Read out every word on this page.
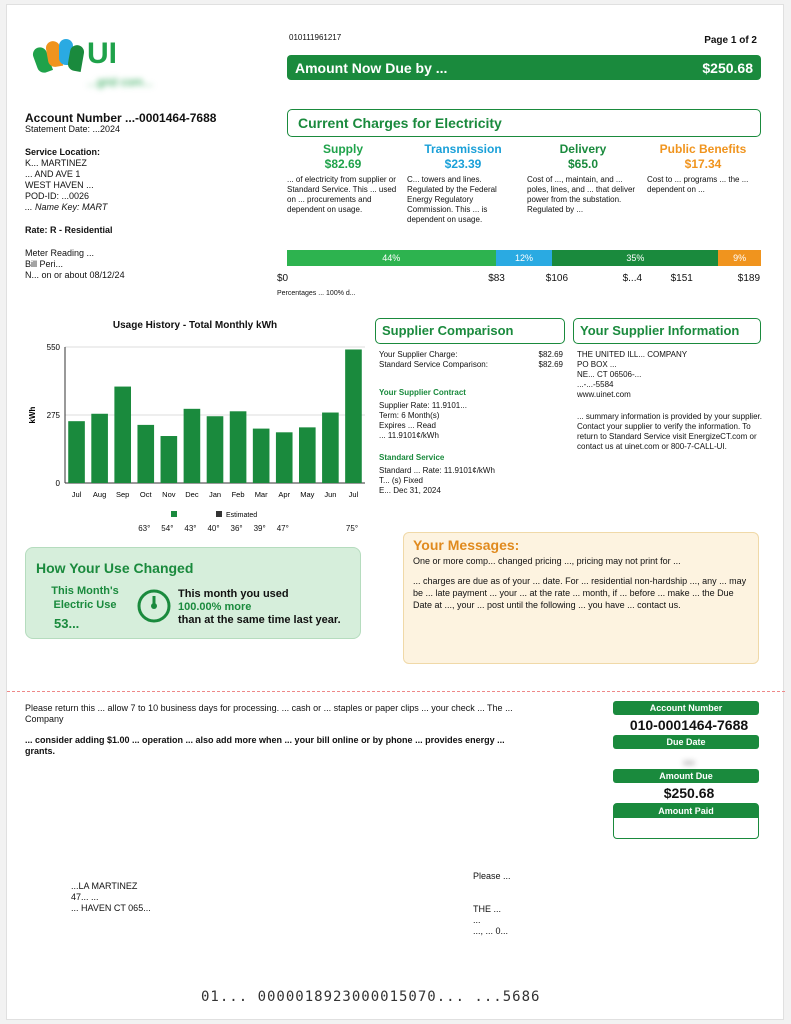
UI
...grid com...
010111961217	Page 1 of 2
Amount Now Due by ...	$250.68
Account Number ...-0001464-7688
Statement Date: ...2024
Service Location:
K... MARTINEZ
... AND AVE 1
WEST HAVEN ...
POD-ID: ...0026
... Name Key: MART
Rate: R - Residential
Meter Reading ...
Bill Peri...
N... on or about 08/12/24
Current Charges for Electricity
Supply
$82.69
... of electricity from supplier or Standard Service. This ... used on ... procurements and dependent on usage.
Transmission
$23.39
C... towers and lines. Regulated by the Federal Energy Regulatory Commission. This ... is dependent on usage.
Delivery
$65.0
Cost of ..., maintain, and ... poles, lines, and ... that deliver power from the substation. Regulated by ...
Public Benefits
$17.34
Cost to ... programs ... the ... dependent on ...
44%	12%	35%	9%
$0	$83	$106	$...4	$151	$189
Percentages ... 100% d...
Usage History - Total Monthly kWh
0
275
550
kWh
Jul Aug Sep Oct Nov Dec Jan Feb Mar Apr May Jun Jul
Estimated
63° 54° 43° 40° 36° 39° 47°	75°
How Your Use Changed
This Month's Electric Use
53...
This month you used
100.00% more
than at the same time last year.
Supplier Comparison	Your Supplier Information
Your Supplier Charge:	$82.69
Standard Service Comparison:	$82.69
Your Supplier Contract
Supplier Rate: 11.9101...
Term: 6 Month(s)
Expires ... Read
... 11.9101¢/kWh
Standard Service
Standard ... Rate: 11.9101¢/kWh
T... (s) Fixed
E... Dec 31, 2024
THE UNITED ILL... COMPANY
PO BOX ...
NE... CT 06506-...
...-...-5584
www.uinet.com
... summary information is provided by your supplier. Contact your supplier to verify the information. To return to Standard Service visit EnergizeCT.com or contact us at uinet.com or 800-7-CALL-UI.
Your Messages:
One or more comp... changed pricing ..., pricing may not print for ...
... charges are due as of your ... date. For ... residential non-hardship ..., any ... may be ... late payment ... your ... at the rate ... month, if ... before ... make ... the Due Date at ..., your ... post until the following ... you have ... contact us.
Please return this ... allow 7 to 10 business days for processing. ... cash or ... staples or paper clips ... your check ... The ... Company
... consider adding $1.00 ... operation ... also add more when ... your bill online or by phone ... provides energy ... grants.
Account Number
010-0001464-7688
Due Date
...
Amount Due
$250.68
Amount Paid
...LA MARTINEZ
47... ...
... HAVEN CT 065...
Please ...
THE ...
...
..., ... 0...
01... 0000018923000015070... ...5686
